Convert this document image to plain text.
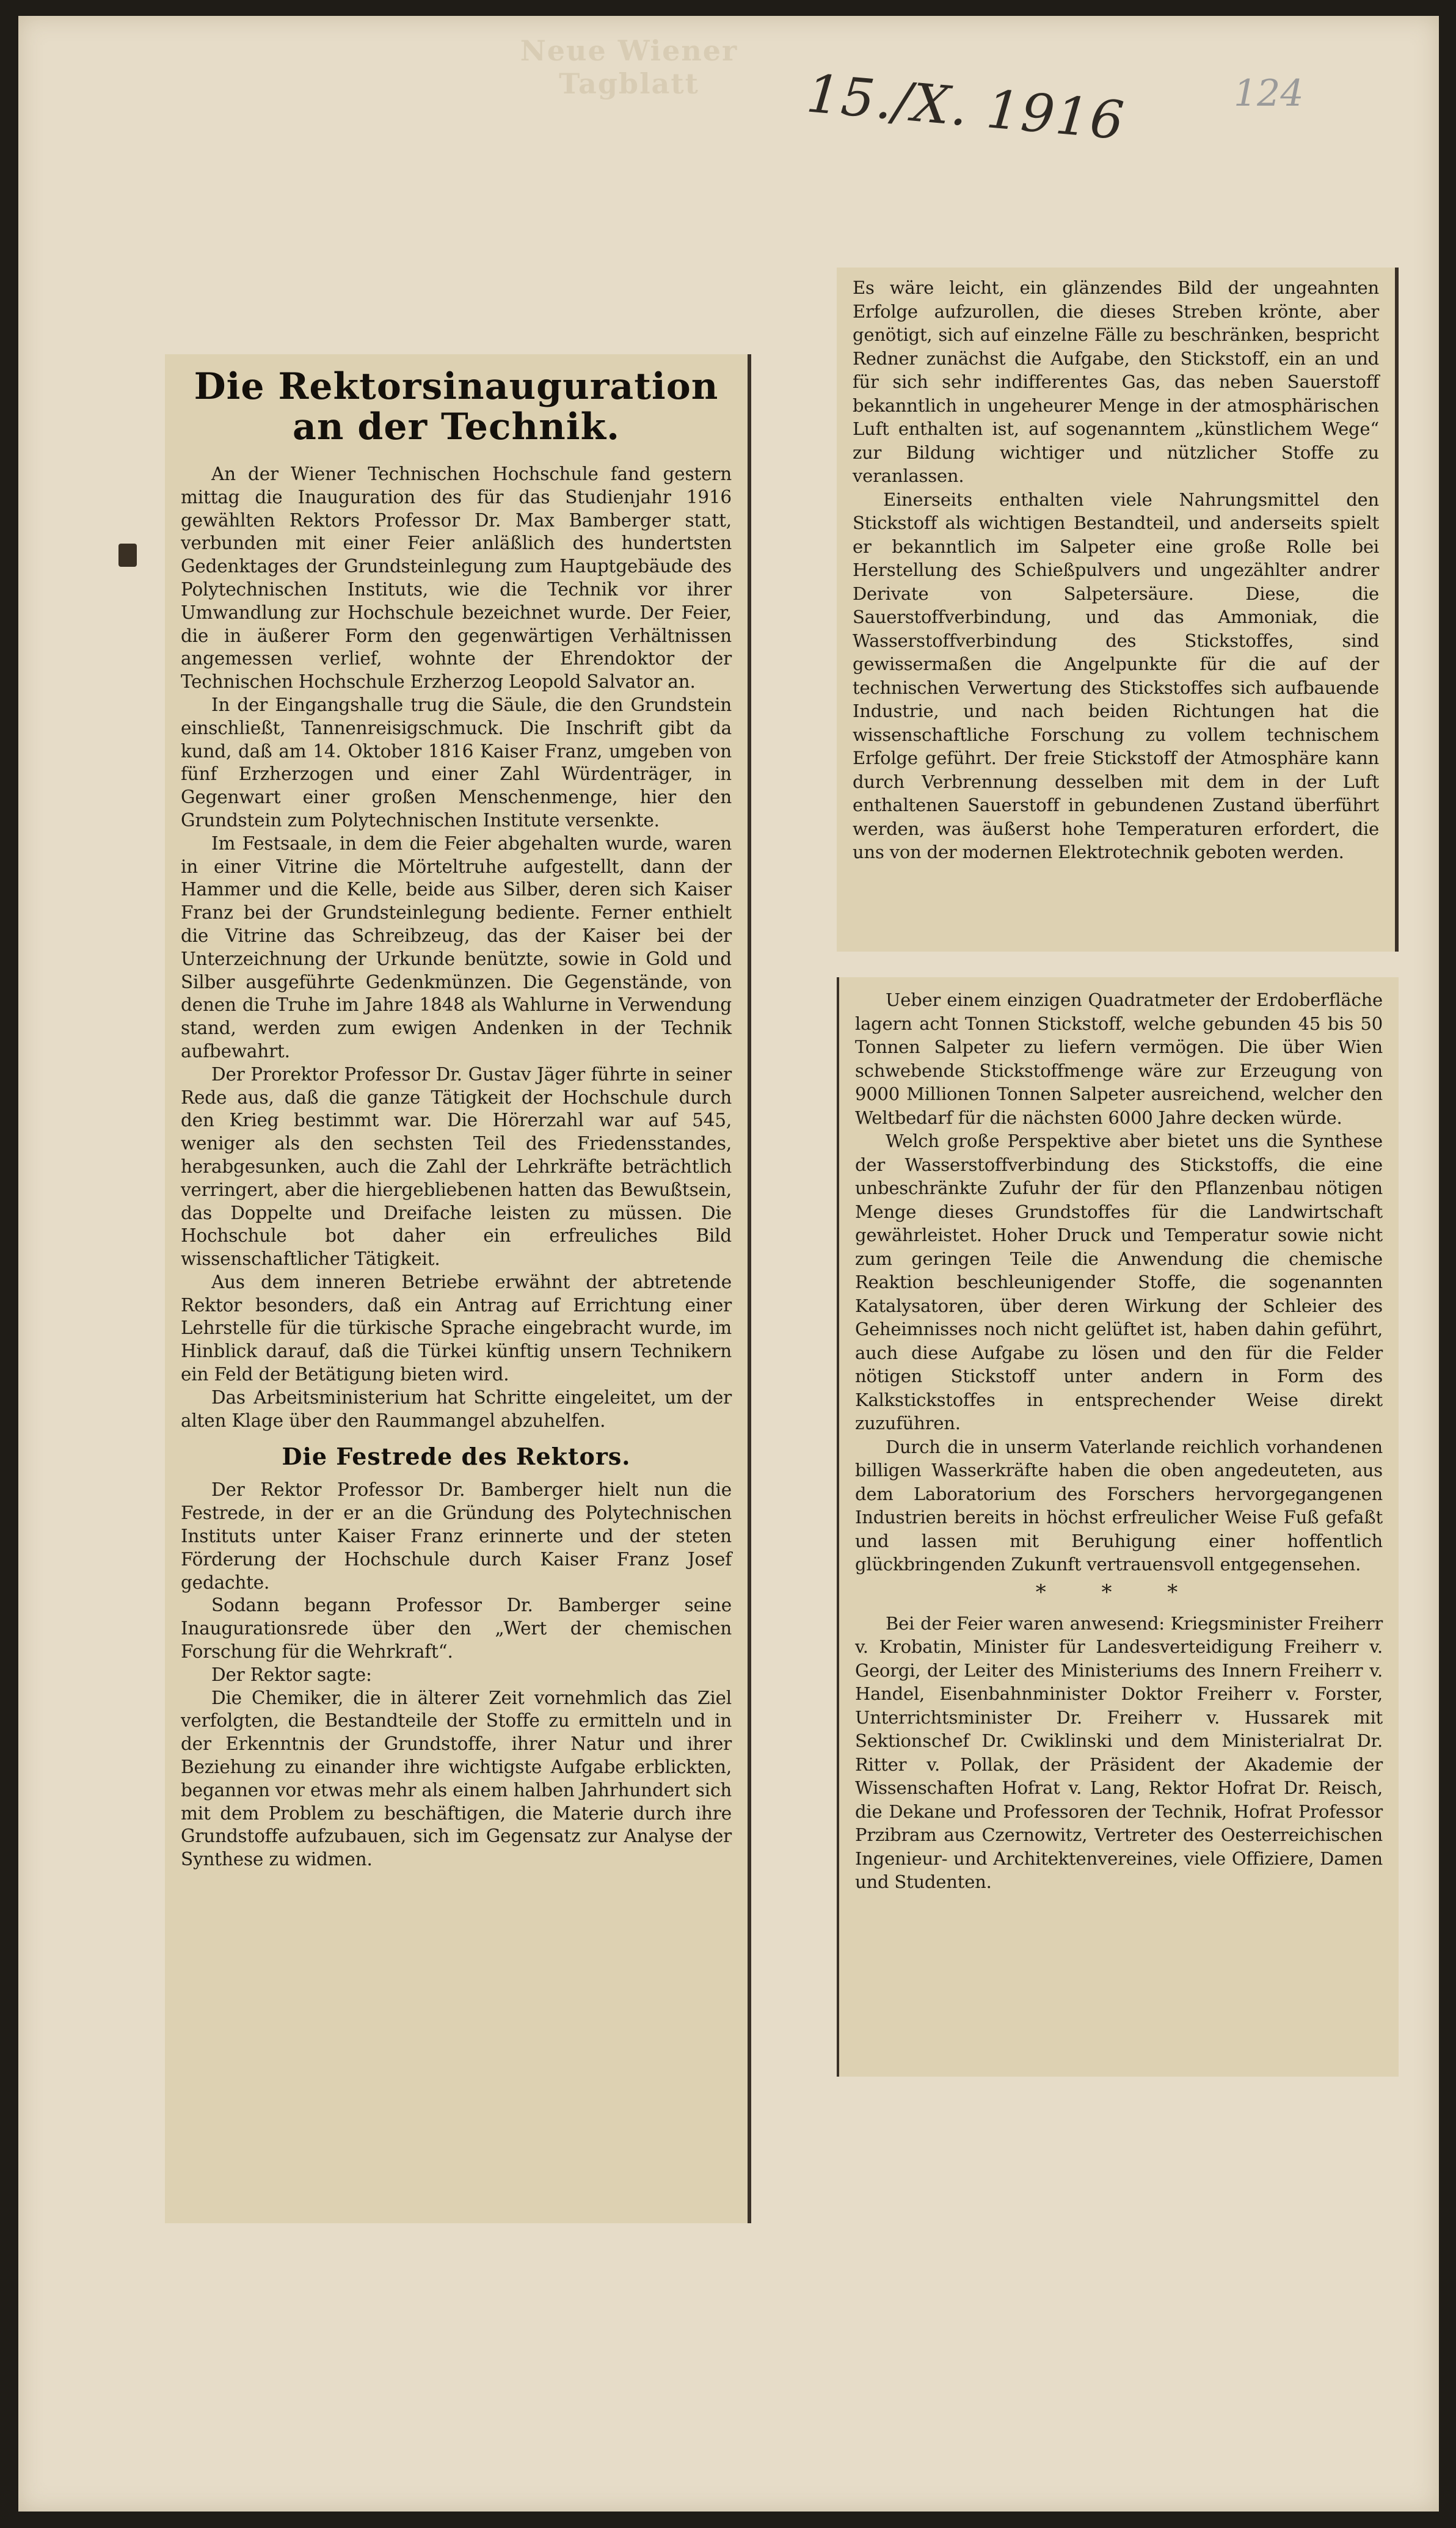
Neue Wiener Tagblatt	15./X. 1916	124
Die Rektorsinauguration an der Technik.

An der Wiener Technischen Hochschule fand gestern mittag die Inauguration des für das Studienjahr 1916 gewählten Rektors Professor Dr. Max Bamberger statt, verbunden mit einer Feier anläßlich des hundertsten Gedenktages der Grundsteinlegung zum Hauptgebäude des Polytechnischen Instituts, wie die Technik vor ihrer Umwandlung zur Hochschule bezeichnet wurde. Der Feier, die in äußerer Form den gegenwärtigen Verhältnissen angemessen verlief, wohnte der Ehrendoktor der Technischen Hochschule Erzherzog Leopold Salvator an.

In der Eingangshalle trug die Säule, die den Grundstein einschließt, Tannenreisigschmuck. Die Inschrift gibt da kund, daß am 14. Oktober 1816 Kaiser Franz, umgeben von fünf Erzherzogen und einer Zahl Würdenträger, in Gegenwart einer großen Menschenmenge, hier den Grundstein zum Polytechnischen Institute versenkte.

Im Festsaale, in dem die Feier abgehalten wurde, waren in einer Vitrine die Mörteltruhe aufgestellt, dann der Hammer und die Kelle, beide aus Silber, deren sich Kaiser Franz bei der Grundsteinlegung bediente. Ferner enthielt die Vitrine das Schreibzeug, das der Kaiser bei der Unterzeichnung der Urkunde benützte, sowie in Gold und Silber ausgeführte Gedenkmünzen. Die Gegenstände, von denen die Truhe im Jahre 1848 als Wahlurne in Verwendung stand, werden zum ewigen Andenken in der Technik aufbewahrt.

Der Prorektor Professor Dr. Gustav Jäger führte in seiner Rede aus, daß die ganze Tätigkeit der Hochschule durch den Krieg bestimmt war. Die Hörerzahl war auf 545, weniger als den sechsten Teil des Friedensstandes, herabgesunken, auch die Zahl der Lehrkräfte beträchtlich verringert, aber die hiergebliebenen hatten das Bewußtsein, das Doppelte und Dreifache leisten zu müssen. Die Hochschule bot daher ein erfreuliches Bild wissenschaftlicher Tätigkeit.

Aus dem inneren Betriebe erwähnt der abtretende Rektor besonders, daß ein Antrag auf Errichtung einer Lehrstelle für die türkische Sprache eingebracht wurde, im Hinblick darauf, daß die Türkei künftig unsern Technikern ein Feld der Betätigung bieten wird.

Das Arbeitsministerium hat Schritte eingeleitet, um der alten Klage über den Raummangel abzuhelfen.

Die Festrede des Rektors.

Der Rektor Professor Dr. Bamberger hielt nun die Festrede, in der er an die Gründung des Polytechnischen Instituts unter Kaiser Franz erinnerte und der steten Förderung der Hochschule durch Kaiser Franz Josef gedachte.

Sodann begann Professor Dr. Bamberger seine Inaugurationsrede über den „Wert der chemischen Forschung für die Wehrkraft“.

Der Rektor sagte:

Die Chemiker, die in älterer Zeit vornehmlich das Ziel verfolgten, die Bestandteile der Stoffe zu ermitteln und in der Erkenntnis der Grundstoffe, ihrer Natur und ihrer Beziehung zu einander ihre wichtigste Aufgabe erblickten, begannen vor etwas mehr als einem halben Jahrhundert sich mit dem Problem zu beschäftigen, die Materie durch ihre Grundstoffe aufzubauen, sich im Gegensatz zur Analyse der Synthese zu widmen.

Es wäre leicht, ein glänzendes Bild der ungeahnten Erfolge aufzurollen, die dieses Streben krönte, aber genötigt, sich auf einzelne Fälle zu beschränken, bespricht Redner zunächst die Aufgabe, den Stickstoff, ein an und für sich sehr indifferentes Gas, das neben Sauerstoff bekanntlich in ungeheurer Menge in der atmosphärischen Luft enthalten ist, auf sogenanntem „künstlichem Wege“ zur Bildung wichtiger und nützlicher Stoffe zu veranlassen.

Einerseits enthalten viele Nahrungsmittel den Stickstoff als wichtigen Bestandteil, und anderseits spielt er bekanntlich im Salpeter eine große Rolle bei Herstellung des Schießpulvers und ungezählter andrer Derivate von Salpetersäure. Diese, die Sauerstoffverbindung, und das Ammoniak, die Wasserstoffverbindung des Stickstoffes, sind gewissermaßen die Angelpunkte für die auf der technischen Verwertung des Stickstoffes sich aufbauende Industrie, und nach beiden Richtungen hat die wissenschaftliche Forschung zu vollem technischem Erfolge geführt. Der freie Stickstoff der Atmosphäre kann durch Verbrennung desselben mit dem in der Luft enthaltenen Sauerstoff in gebundenen Zustand überführt werden, was äußerst hohe Temperaturen erfordert, die uns von der modernen Elektrotechnik geboten werden.

Ueber einem einzigen Quadratmeter der Erdoberfläche lagern acht Tonnen Stickstoff, welche gebunden 45 bis 50 Tonnen Salpeter zu liefern vermögen. Die über Wien schwebende Stickstoffmenge wäre zur Erzeugung von 9000 Millionen Tonnen Salpeter ausreichend, welcher den Weltbedarf für die nächsten 6000 Jahre decken würde.

Welch große Perspektive aber bietet uns die Synthese der Wasserstoffverbindung des Stickstoffs, die eine unbeschränkte Zufuhr der für den Pflanzenbau nötigen Menge dieses Grundstoffes für die Landwirtschaft gewährleistet. Hoher Druck und Temperatur sowie nicht zum geringen Teile die Anwendung die chemische Reaktion beschleunigender Stoffe, die sogenannten Katalysatoren, über deren Wirkung der Schleier des Geheimnisses noch nicht gelüftet ist, haben dahin geführt, auch diese Aufgabe zu lösen und den für die Felder nötigen Stickstoff unter andern in Form des Kalkstickstoffes in entsprechender Weise direkt zuzuführen.

Durch die in unserm Vaterlande reichlich vorhandenen billigen Wasserkräfte haben die oben angedeuteten, aus dem Laboratorium des Forschers hervorgegangenen Industrien bereits in höchst erfreulicher Weise Fuß gefaßt und lassen mit Beruhigung einer hoffentlich glückbringenden Zukunft vertrauensvoll entgegensehen.

* * *

Bei der Feier waren anwesend: Kriegsminister Freiherr v. Krobatin, Minister für Landesverteidigung Freiherr v. Georgi, der Leiter des Ministeriums des Innern Freiherr v. Handel, Eisenbahnminister Doktor Freiherr v. Forster, Unterrichtsminister Dr. Freiherr v. Hussarek mit Sektionschef Dr. Cwiklinski und dem Ministerialrat Dr. Ritter v. Pollak, der Präsident der Akademie der Wissenschaften Hofrat v. Lang, Rektor Hofrat Dr. Reisch, die Dekane und Professoren der Technik, Hofrat Professor Przibram aus Czernowitz, Vertreter des Oesterreichischen Ingenieur- und Architektenvereines, viele Offiziere, Damen und Studenten.
